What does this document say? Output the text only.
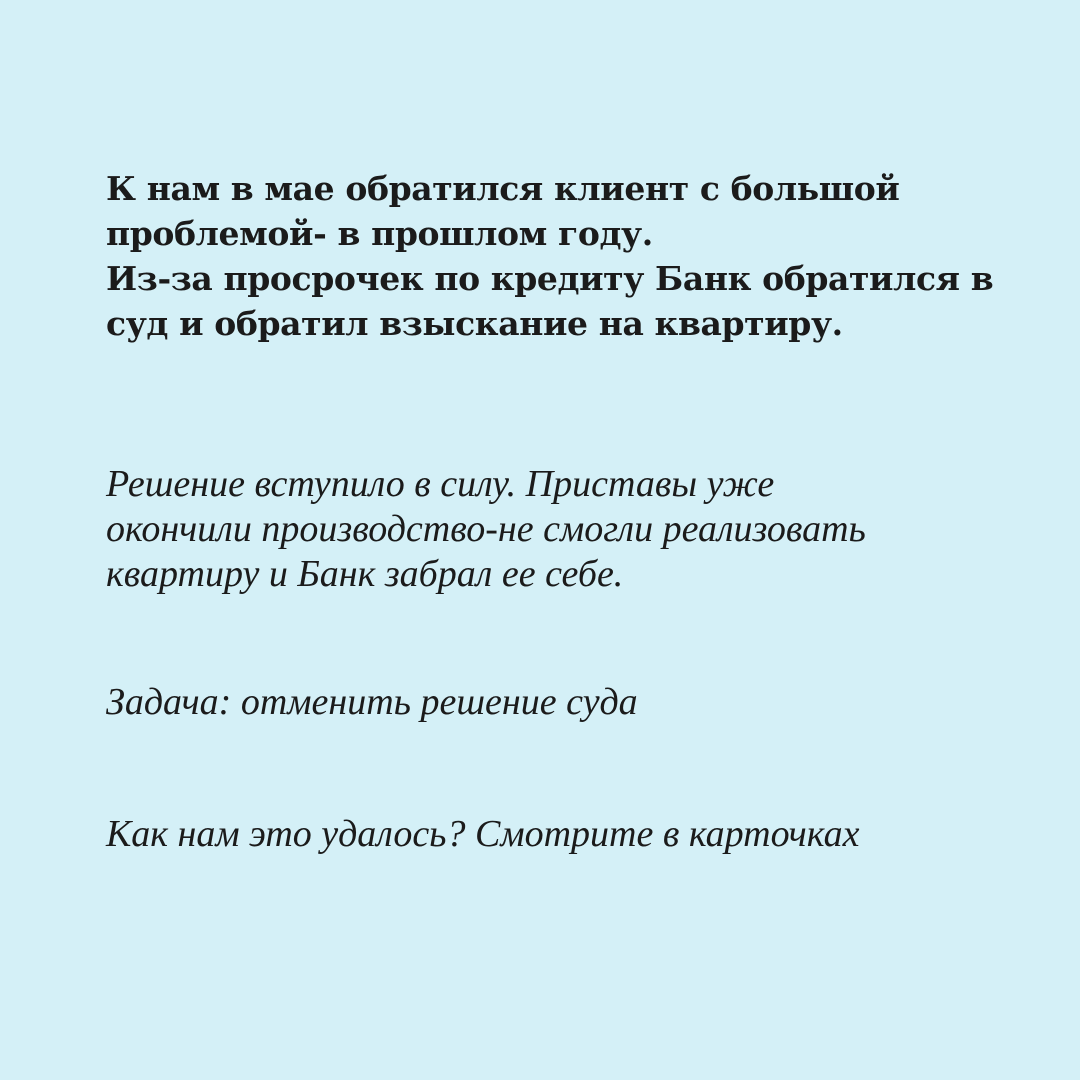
К нам в мае обратился клиент с большой
проблемой- в прошлом году.
Из-за просрочек по кредиту Банк обратился в
суд и обратил взыскание на квартиру.

Решение вступило в силу. Приставы уже
окончили производство-не смогли реализовать
квартиру и Банк забрал ее себе.

Задача: отменить решение суда

Как нам это удалось? Смотрите в карточках
